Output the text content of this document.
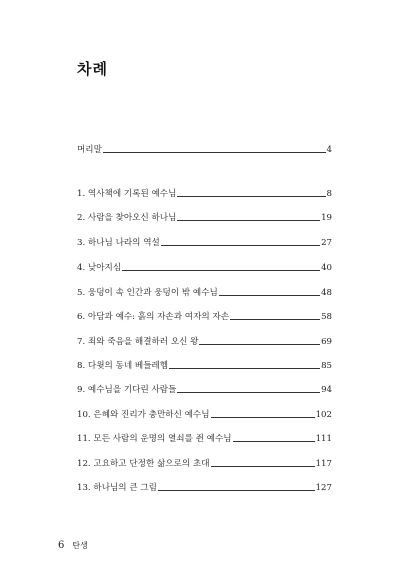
차례
머리말	4
1. 역사책에 기록된 예수님	8
2. 사람을 찾아오신 하나님	19
3. 하나님 나라의 역설	27
4. 낮아지심	40
5. 웅덩이 속 인간과 웅덩이 밖 예수님	48
6. 아담과 예수: 흙의 자손과 여자의 자손	58
7. 죄와 죽음을 해결하러 오신 왕	69
8. 다윗의 동네 베들레헴	85
9. 예수님을 기다린 사람들	94
10. 은혜와 진리가 충만하신 예수님	102
11. 모든 사람의 운명의 열쇠를 쥔 예수님	111
12. 고요하고 단정한 삶으로의 초대	117
13. 하나님의 큰 그림	127
6 탄생
